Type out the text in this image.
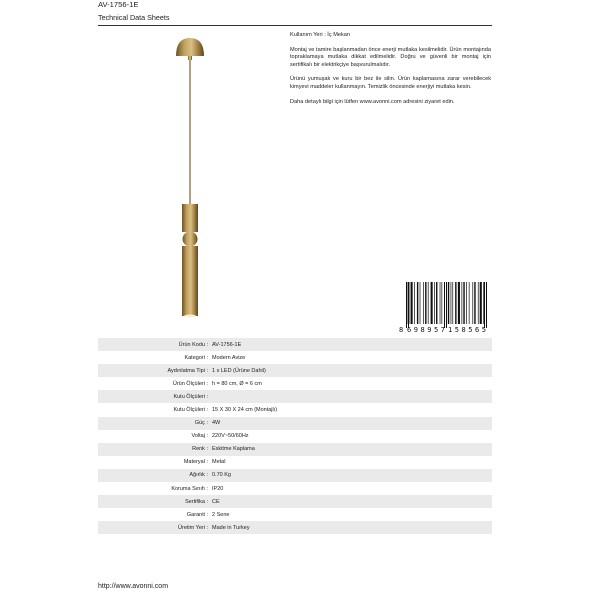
AV-1756-1E
Technical Data Sheets

Kullanım Yeri : İç Mekan

Montaj ve tamire başlanmadan önce enerji mutlaka kesilmelidir. Ürün montajında topraklamaya mutlaka dikkat edilmelidir. Doğru ve güvenli bir montaj için sertifikalı bir elektrikçiye başvurulmalıdır.

Ürünü yumuşak ve kuru bir bez ile silin. Ürün kaplamasına zarar verebilecek kimyevi maddeler kullanmayın. Temizlik öncesinde enerjiyi mutlaka kesin.

Daha detaylı bilgi için lütfen www.avonni.com adresini ziyaret edin.

8 698957 158565
Ürün Kodu : AV-1756-1E
Kategori : Modern Avize
Aydınlatma Tipi : 1 x LED (Ürüne Dahil)
Ürün Ölçüleri : h = 80 cm, Ø = 6 cm
Kutu Ölçüleri :
Kutu Ölçüleri : 15 X 30 X 24 cm (Montajlı)
Güç : 4W
Voltaj : 220V~50/60Hz
Renk : Eskitme Kaplama
Materyal : Metal
Ağırlık : 0.70 Kg
Koruma Sınıfı : IP20
Sertifika : CE
Garanti : 2 Sene
Üretim Yeri : Made in Turkey
http://www.avonni.com
